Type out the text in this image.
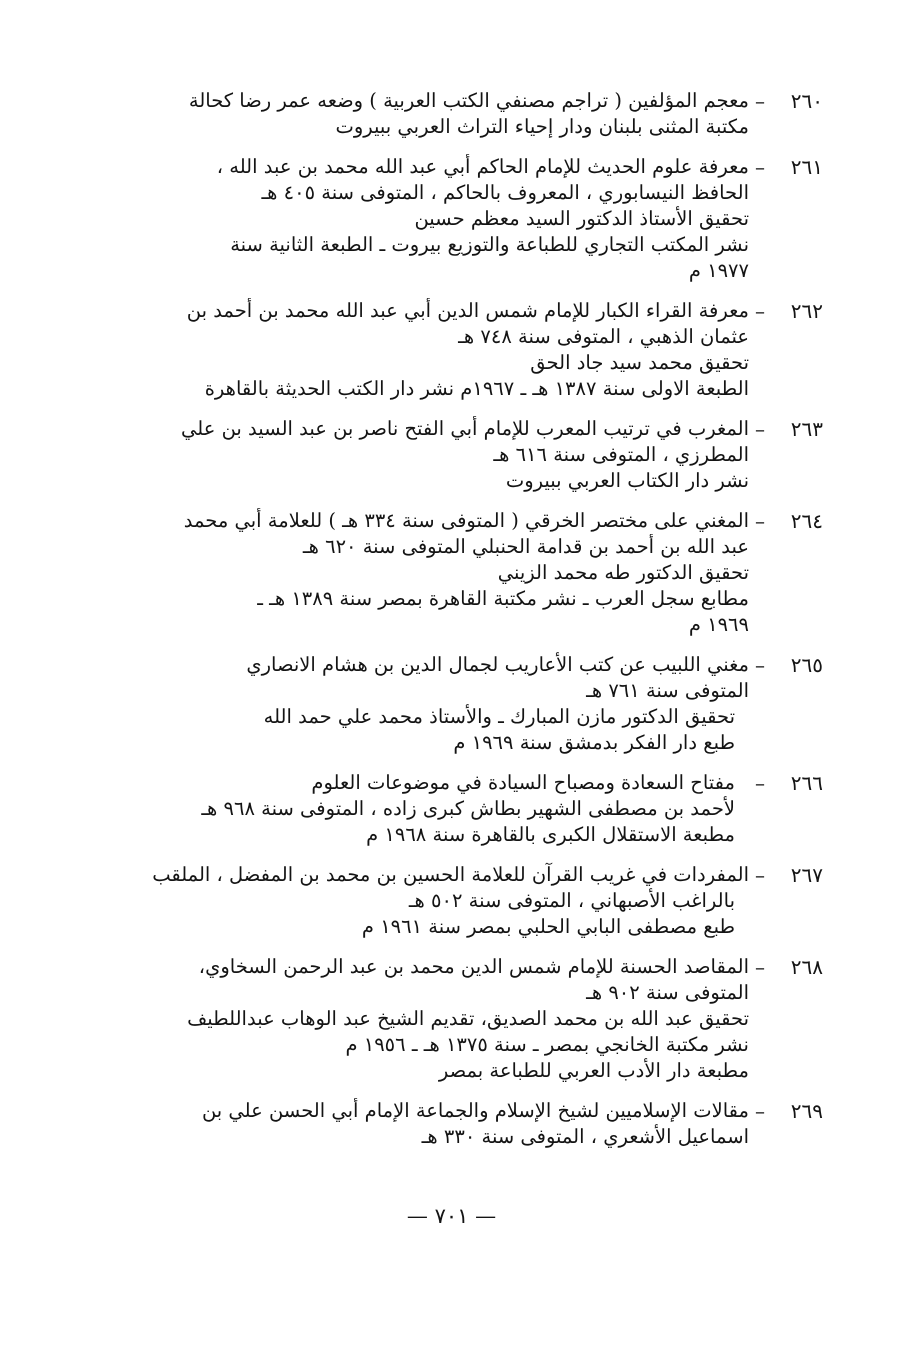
٢٦٠
–
معجم المؤلفين ( تراجم مصنفي الكتب العربية ) وضعه عمر رضا كحالة
مكتبة المثنى بلبنان ودار إحياء التراث العربي ببيروت
٢٦١
–
معرفة علوم الحديث للإمام الحاكم أبي عبد الله محمد بن عبد الله ،
الحافظ النيسابوري ، المعروف بالحاكم ، المتوفى سنة ٤٠٥ هـ
تحقيق الأستاذ الدكتور السيد معظم حسين
نشر المكتب التجاري للطباعة والتوزيع بيروت ـ الطبعة الثانية سنة
١٩٧٧ م
٢٦٢
–
معرفة القراء الكبار للإمام شمس الدين أبي عبد الله محمد بن أحمد بن
عثمان الذهبي ، المتوفى سنة ٧٤٨ هـ
تحقيق محمد سيد جاد الحق
الطبعة الاولى سنة ١٣٨٧ هـ ـ ١٩٦٧م نشر دار الكتب الحديثة بالقاهرة
٢٦٣
–
المغرب في ترتيب المعرب للإمام أبي الفتح ناصر بن عبد السيد بن علي
المطرزي ، المتوفى سنة ٦١٦ هـ
نشر دار الكتاب العربي ببيروت
٢٦٤
–
المغني على مختصر الخرقي ( المتوفى سنة ٣٣٤ هـ ) للعلامة أبي محمد
عبد الله بن أحمد بن قدامة الحنبلي المتوفى سنة ٦٢٠ هـ
تحقيق الدكتور طه محمد الزيني
مطابع سجل العرب ـ نشر مكتبة القاهرة بمصر سنة ١٣٨٩ هـ ـ
١٩٦٩ م
٢٦٥
–
مغني اللبيب عن كتب الأعاريب لجمال الدين بن هشام الانصاري
المتوفى سنة ٧٦١ هـ
تحقيق الدكتور مازن المبارك ـ والأستاذ محمد علي حمد الله
طبع دار الفكر بدمشق سنة ١٩٦٩ م
٢٦٦
–
مفتاح السعادة ومصباح السيادة في موضوعات العلوم
لأحمد بن مصطفى الشهير بطاش كبرى زاده ، المتوفى سنة ٩٦٨ هـ
مطبعة الاستقلال الكبرى بالقاهرة سنة ١٩٦٨ م
٢٦٧
–
المفردات في غريب القرآن للعلامة الحسين بن محمد بن المفضل ، الملقب
بالراغب الأصبهاني ، المتوفى سنة ٥٠٢ هـ
طبع مصطفى البابي الحلبي بمصر سنة ١٩٦١ م
٢٦٨
–
المقاصد الحسنة للإمام شمس الدين محمد بن عبد الرحمن السخاوي،
المتوفى سنة ٩٠٢ هـ
تحقيق عبد الله بن محمد الصديق، تقديم الشيخ عبد الوهاب عبداللطيف
نشر مكتبة الخانجي بمصر ـ سنة ١٣٧٥ هـ ـ ١٩٥٦ م
مطبعة دار الأدب العربي للطباعة بمصر
٢٦٩
–
مقالات الإسلاميين لشيخ الإسلام والجماعة الإمام أبي الحسن علي بن
اسماعيل الأشعري ، المتوفى سنة ٣٣٠ هـ
— ٧٠١ —
